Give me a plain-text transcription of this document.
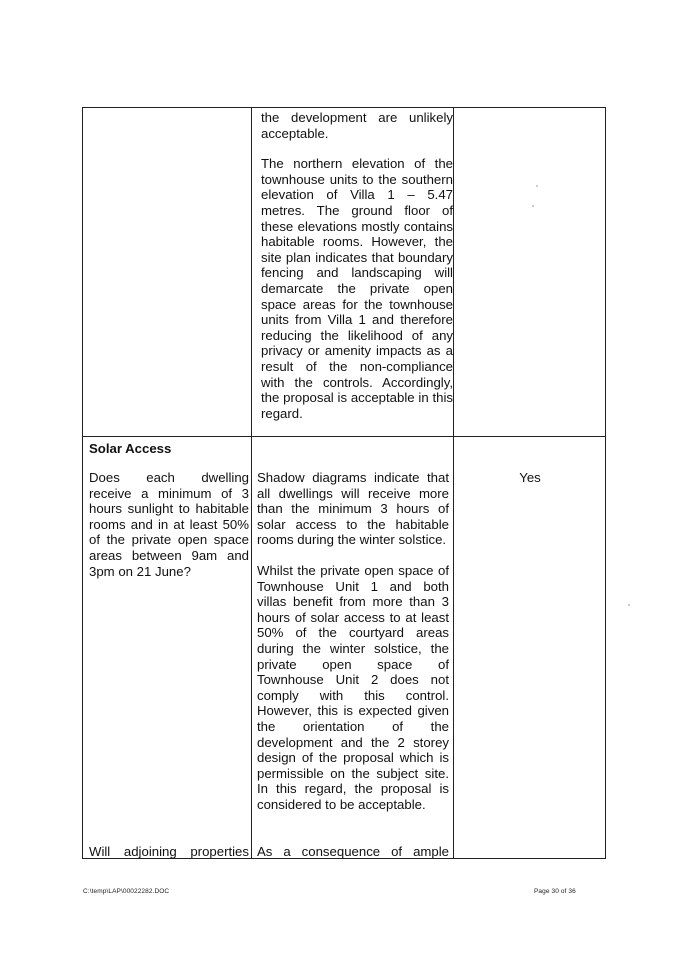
the development are unlikely acceptable.

The northern elevation of the townhouse units to the southern elevation of Villa 1 – 5.47 metres. The ground floor of these elevations mostly contains habitable rooms. However, the site plan indicates that boundary fencing and landscaping will demarcate the private open space areas for the townhouse units from Villa 1 and therefore reducing the likelihood of any privacy or amenity impacts as a result of the non-compliance with the controls. Accordingly, the proposal is acceptable in this regard.

Solar Access

Does each dwelling receive a minimum of 3 hours sunlight to habitable rooms and in at least 50% of the private open space areas between 9am and 3pm on 21 June?

Shadow diagrams indicate that all dwellings will receive more than the minimum 3 hours of solar access to the habitable rooms during the winter solstice.

Whilst the private open space of Townhouse Unit 1 and both villas benefit from more than 3 hours of solar access to at least 50% of the courtyard areas during the winter solstice, the private open space of Townhouse Unit 2 does not comply with this control. However, this is expected given the orientation of the development and the 2 storey design of the proposal which is permissible on the subject site. In this regard, the proposal is considered to be acceptable.

Yes
Will adjoining properties As a consequence of ample
C:\temp\LAP\00022282.DOC	Page 30 of 36
